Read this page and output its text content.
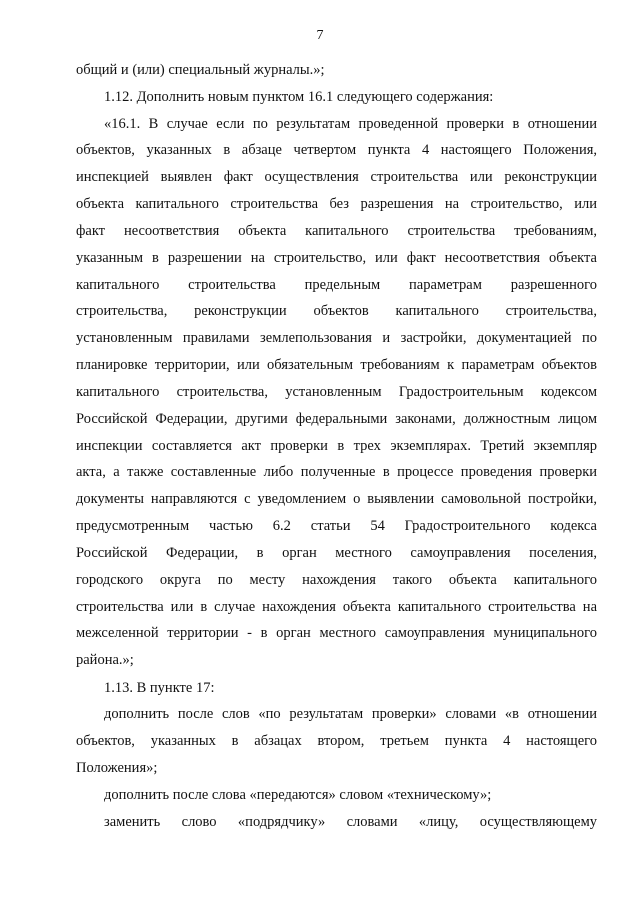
7
общий и (или) специальный журналы.»;
1.12. Дополнить новым пунктом 16.1 следующего содержания:
«16.1. В случае если по результатам проведенной проверки в отношении
объектов, указанных в абзаце четвертом пункта 4 настоящего Положения,
инспекцией выявлен факт осуществления строительства или реконструкции
объекта капитального строительства без разрешения на строительство, или
факт несоответствия объекта капитального строительства требованиям,
указанным в разрешении на строительство, или факт несоответствия объекта
капитального строительства предельным параметрам разрешенного
строительства, реконструкции объектов капитального строительства,
установленным правилами землепользования и застройки, документацией по
планировке территории, или обязательным требованиям к параметрам объектов
капитального строительства, установленным Градостроительным кодексом
Российской Федерации, другими федеральными законами, должностным лицом
инспекции составляется акт проверки в трех экземплярах. Третий экземпляр
акта, а также составленные либо полученные в процессе проведения проверки
документы направляются с уведомлением о выявлении самовольной постройки,
предусмотренным частью 6.2 статьи 54 Градостроительного кодекса
Российской Федерации, в орган местного самоуправления поселения,
городского округа по месту нахождения такого объекта капитального
строительства или в случае нахождения объекта капитального строительства на
межселенной территории - в орган местного самоуправления муниципального
района.»;
1.13. В пункте 17:
дополнить после слов «по результатам проверки» словами «в отношении
объектов, указанных в абзацах втором, третьем пункта 4 настоящего
Положения»;
дополнить после слова «передаются» словом «техническому»;
заменить слово «подрядчику» словами «лицу, осуществляющему
